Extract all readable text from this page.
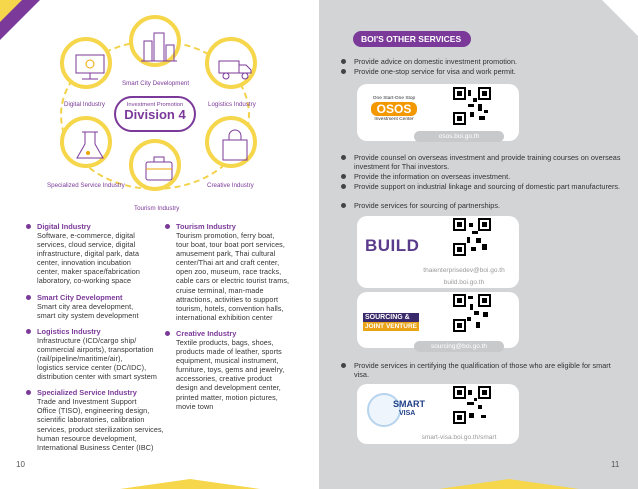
Smart City Development
Digital Industry	Logistics Industry
Investment Promotion
Division 4
Specialized Service Industry	Creative Industry
Tourism Industry
Digital Industry
Software, e-commerce, digital
services, cloud service, digital
infrastructure, digital park, data
center, innovation incubation
center, maker space/fabrication
laboratory, co-working space
Smart City Development
Smart city area development,
smart city system development
Logistics Industry
Infrastructure (ICD/cargo ship/
commercial airports), transportation
(rail/pipeline/maritime/air),
logistics service center (DC/IDC),
distribution center with smart system
Specialized Service Industry
Trade and Investment Support
Office (TISO), engineering design,
scientific laboratories, calibration
services, product sterilization services,
human resource development,
International Business Center (IBC)
Tourism Industry
Tourism promotion, ferry boat,
tour boat, tour boat port services,
amusement park, Thai cultural
center/Thai art and craft center,
open zoo, museum, race tracks,
cable cars or electric tourist trams,
cruise terminal, man-made
attractions, activities to support
tourism, hotels, convention halls,
international exhibition center
Creative Industry
Textile products, bags, shoes,
products made of leather, sports
equipment, musical instrument,
furniture, toys, gems and jewelry,
accessories, creative product
design and development center,
printed matter, motion pictures,
movie town
10
BOI'S OTHER SERVICES
Provide advice on domestic investment promotion.
Provide one-stop service for visa and work permit.
One Start-One Stop
OSOS
Investment Center
osos.boi.go.th
Provide counsel on overseas investment and provide training courses on overseas investment for Thai investors.
Provide the information on overseas investment.
Provide support on industrial linkage and sourcing of domestic part manufacturers.
Provide services for sourcing of partnerships.
BUILD
thaienterprisedev@boi.go.th
build.boi.go.th
SOURCING &
JOINT VENTURE
sourcing@boi.go.th
Provide services in certifying the qualification of those who are eligible for smart visa.
SMART
VISA
smart-visa.boi.go.th/smart
11
